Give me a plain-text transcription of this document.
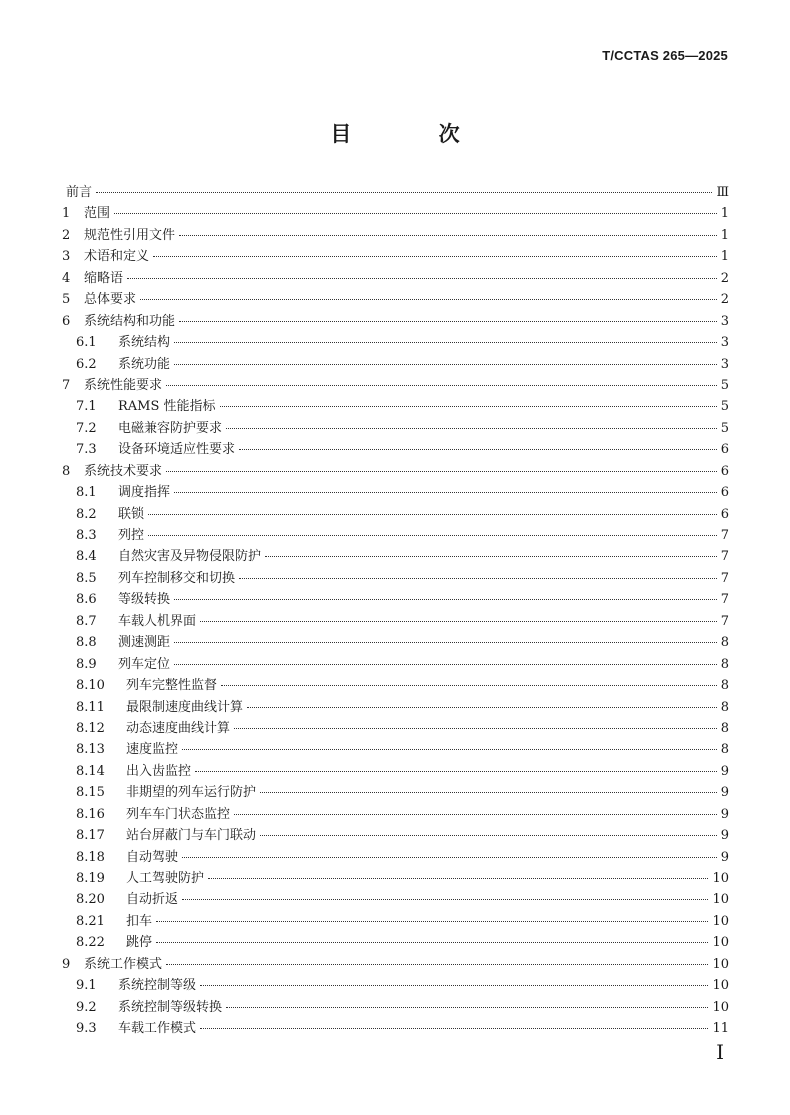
T/CCTAS 265—2025
目 次
前言	Ⅲ
1	范围	1
2	规范性引用文件	1
3	术语和定义	1
4	缩略语	2
5	总体要求	2
6	系统结构和功能	3
6.1	系统结构	3
6.2	系统功能	3
7	系统性能要求	5
7.1	RAMS 性能指标	5
7.2	电磁兼容防护要求	5
7.3	设备环境适应性要求	6
8	系统技术要求	6
8.1	调度指挥	6
8.2	联锁	6
8.3	列控	7
8.4	自然灾害及异物侵限防护	7
8.5	列车控制移交和切换	7
8.6	等级转换	7
8.7	车载人机界面	7
8.8	测速测距	8
8.9	列车定位	8
8.10	列车完整性监督	8
8.11	最限制速度曲线计算	8
8.12	动态速度曲线计算	8
8.13	速度监控	8
8.14	出入齿监控	9
8.15	非期望的列车运行防护	9
8.16	列车车门状态监控	9
8.17	站台屏蔽门与车门联动	9
8.18	自动驾驶	9
8.19	人工驾驶防护	10
8.20	自动折返	10
8.21	扣车	10
8.22	跳停	10
9	系统工作模式	10
9.1	系统控制等级	10
9.2	系统控制等级转换	10
9.3	车载工作模式	11
I
